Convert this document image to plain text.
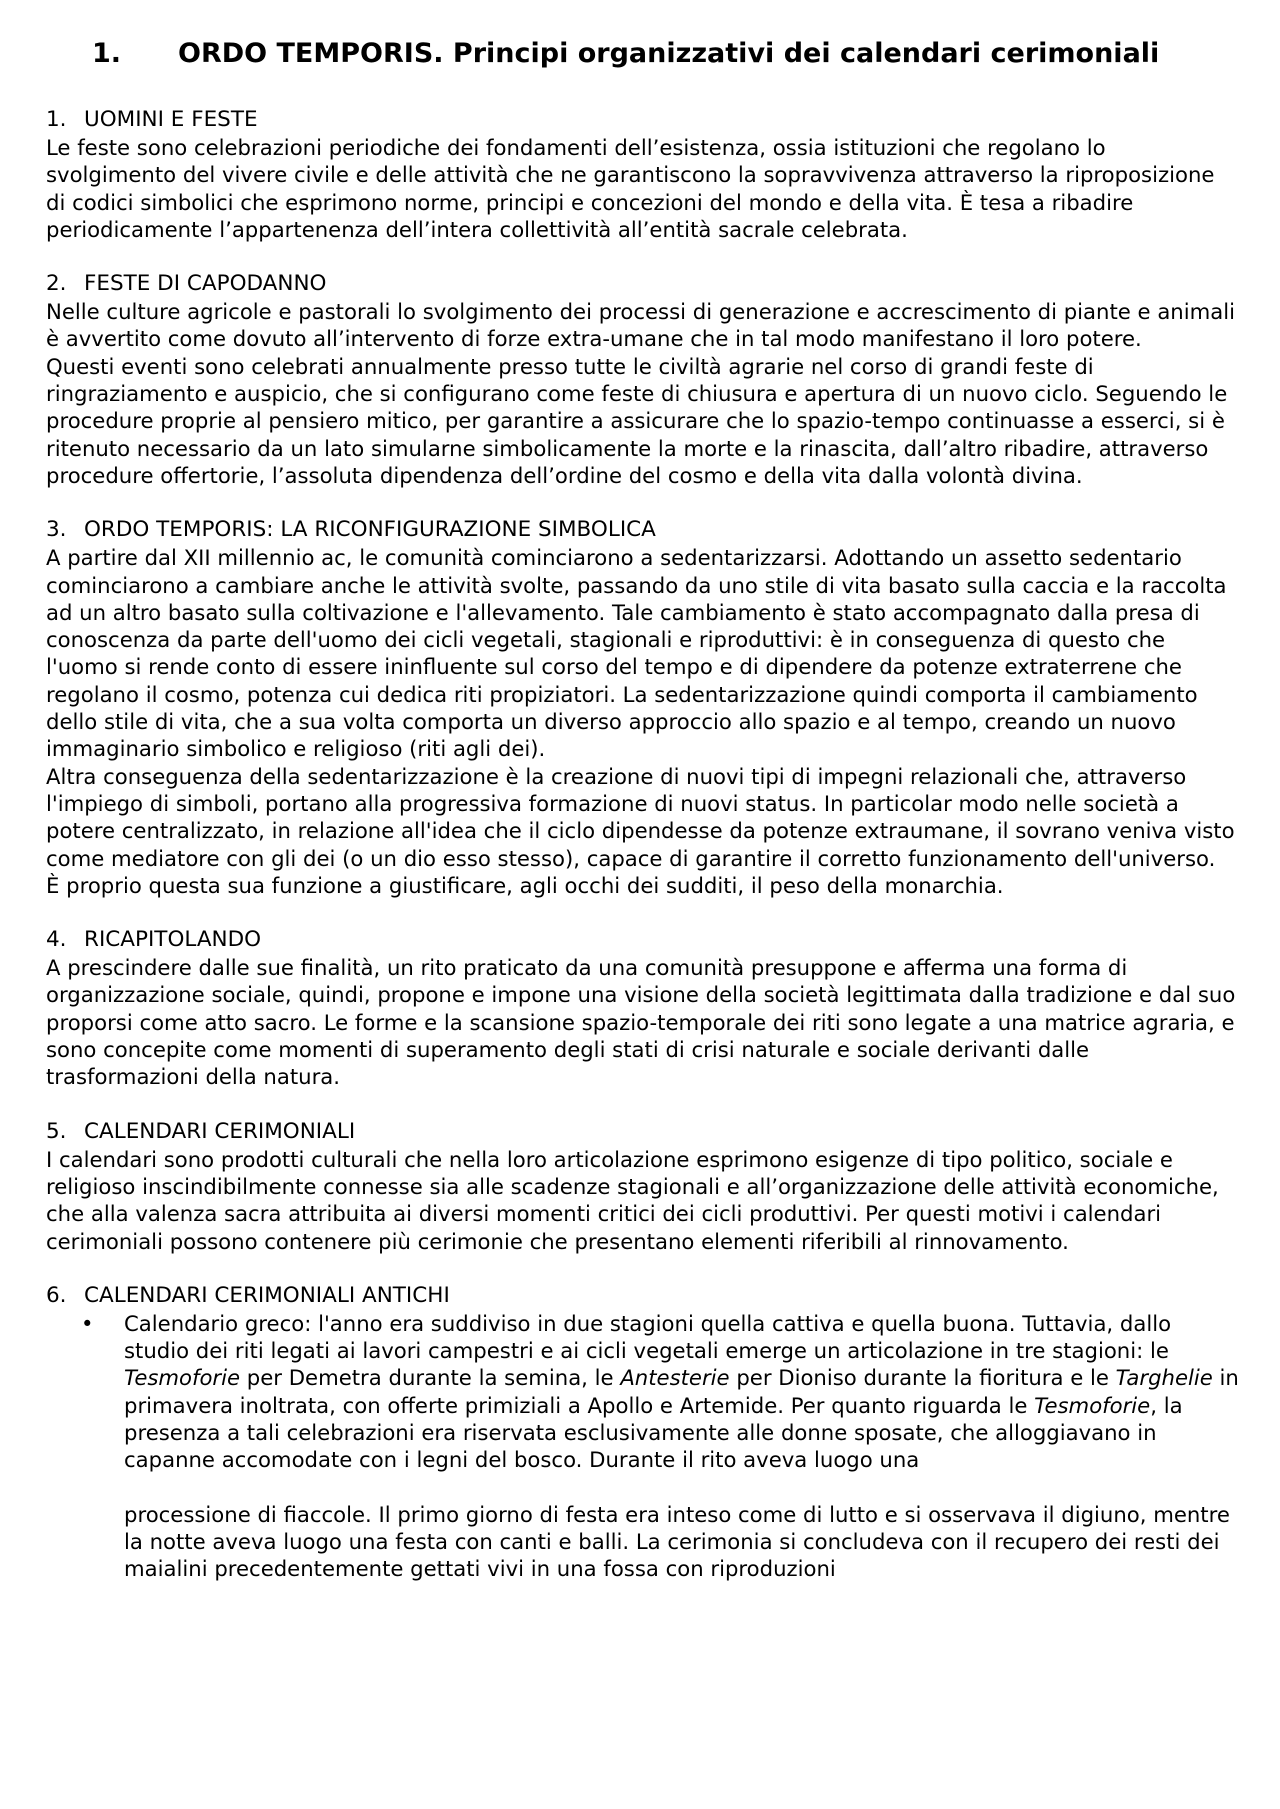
1. ORDO TEMPORIS. Principi organizzativi dei calendari cerimoniali
1. UOMINI E FESTE

Le feste sono celebrazioni periodiche dei fondamenti dell’esistenza, ossia istituzioni che regolano lo svolgimento del vivere civile e delle attività che ne garantiscono la sopravvivenza attraverso la riproposizione di codici simbolici che esprimono norme, principi e concezioni del mondo e della vita. È tesa a ribadire periodicamente l’appartenenza dell’intera collettività all’entità sacrale celebrata.

2. FESTE DI CAPODANNO

Nelle culture agricole e pastorali lo svolgimento dei processi di generazione e accrescimento di piante e animali è avvertito come dovuto all’intervento di forze extra-umane che in tal modo manifestano il loro potere.

Questi eventi sono celebrati annualmente presso tutte le civiltà agrarie nel corso di grandi feste di ringraziamento e auspicio, che si configurano come feste di chiusura e apertura di un nuovo ciclo. Seguendo le procedure proprie al pensiero mitico, per garantire a assicurare che lo spazio-tempo continuasse a esserci, si è ritenuto necessario da un lato simularne simbolicamente la morte e la rinascita, dall’altro ribadire, attraverso procedure offertorie, l’assoluta dipendenza dell’ordine del cosmo e della vita dalla volontà divina.

3. ORDO TEMPORIS: LA RICONFIGURAZIONE SIMBOLICA

A partire dal XII millennio ac, le comunità cominciarono a sedentarizzarsi. Adottando un assetto sedentario cominciarono a cambiare anche le attività svolte, passando da uno stile di vita basato sulla caccia e la raccolta ad un altro basato sulla coltivazione e l'allevamento. Tale cambiamento è stato accompagnato dalla presa di conoscenza da parte dell'uomo dei cicli vegetali, stagionali e riproduttivi: è in conseguenza di questo che l'uomo si rende conto di essere ininfluente sul corso del tempo e di dipendere da potenze extraterrene che regolano il cosmo, potenza cui dedica riti propiziatori. La sedentarizzazione quindi comporta il cambiamento dello stile di vita, che a sua volta comporta un diverso approccio allo spazio e al tempo, creando un nuovo immaginario simbolico e religioso (riti agli dei).

Altra conseguenza della sedentarizzazione è la creazione di nuovi tipi di impegni relazionali che, attraverso l'impiego di simboli, portano alla progressiva formazione di nuovi status. In particolar modo nelle società a potere centralizzato, in relazione all'idea che il ciclo dipendesse da potenze extraumane, il sovrano veniva visto come mediatore con gli dei (o un dio esso stesso), capace di garantire il corretto funzionamento dell'universo.

È proprio questa sua funzione a giustificare, agli occhi dei sudditi, il peso della monarchia.

4. RICAPITOLANDO

A prescindere dalle sue finalità, un rito praticato da una comunità presuppone e afferma una forma di organizzazione sociale, quindi, propone e impone una visione della società legittimata dalla tradizione e dal suo proporsi come atto sacro. Le forme e la scansione spazio-temporale dei riti sono legate a una matrice agraria, e sono concepite come momenti di superamento degli stati di crisi naturale e sociale derivanti dalle trasformazioni della natura.

5. CALENDARI CERIMONIALI

I calendari sono prodotti culturali che nella loro articolazione esprimono esigenze di tipo politico, sociale e religioso inscindibilmente connesse sia alle scadenze stagionali e all’organizzazione delle attività economiche, che alla valenza sacra attribuita ai diversi momenti critici dei cicli produttivi. Per questi motivi i calendari cerimoniali possono contenere più cerimonie che presentano elementi riferibili al rinnovamento.

6. CALENDARI CERIMONIALI ANTICHI
• Calendario greco: l'anno era suddiviso in due stagioni quella cattiva e quella buona. Tuttavia, dallo studio dei riti legati ai lavori campestri e ai cicli vegetali emerge un articolazione in tre stagioni: le Tesmoforie per Demetra durante la semina, le Antesterie per Dioniso durante la fioritura e le Targhelie in primavera inoltrata, con offerte primiziali a Apollo e Artemide. Per quanto riguarda le Tesmoforie, la presenza a tali celebrazioni era riservata esclusivamente alle donne sposate, che alloggiavano in capanne accomodate con i legni del bosco. Durante il rito aveva luogo una
processione di fiaccole. Il primo giorno di festa era inteso come di lutto e si osservava il digiuno, mentre la notte aveva luogo una festa con canti e balli. La cerimonia si concludeva con il recupero dei resti dei maialini precedentemente gettati vivi in una fossa con riproduzioni
